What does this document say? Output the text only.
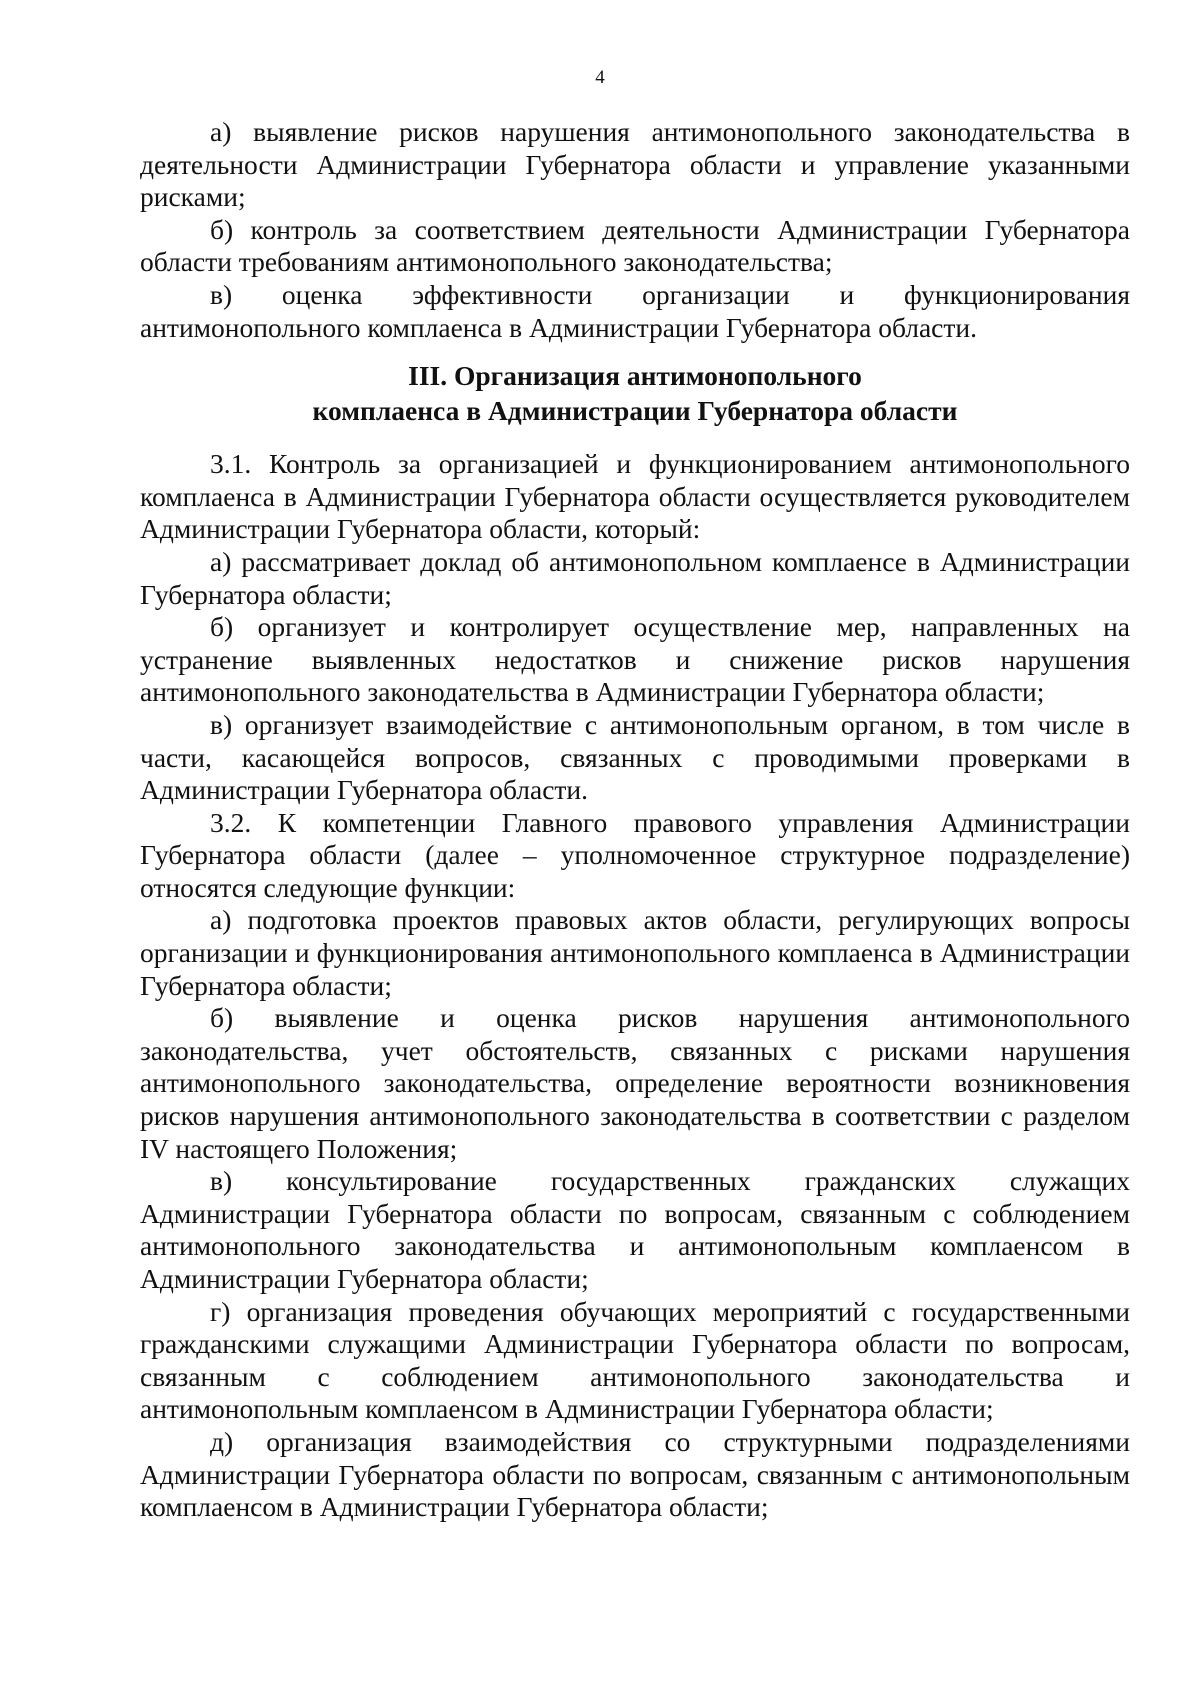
4

а) выявление рисков нарушения антимонопольного законодательства в деятельности Администрации Губернатора области и управление указанными рисками;

б) контроль за соответствием деятельности Администрации Губернатора области требованиям антимонопольного законодательства;

в) оценка эффективности организации и функционирования антимонопольного комплаенса в Администрации Губернатора области.

III. Организация антимонопольного
комплаенса в Администрации Губернатора области

3.1. Контроль за организацией и функционированием антимонопольного комплаенса в Администрации Губернатора области осуществляется руководителем Администрации Губернатора области, который:

а) рассматривает доклад об антимонопольном комплаенсе в Администрации Губернатора области;

б) организует и контролирует осуществление мер, направленных на устранение выявленных недостатков и снижение рисков нарушения антимонопольного законодательства в Администрации Губернатора области;

в) организует взаимодействие с антимонопольным органом, в том числе в части, касающейся вопросов, связанных с проводимыми проверками в Администрации Губернатора области.

3.2. К компетенции Главного правового управления Администрации Губернатора области (далее – уполномоченное структурное подразделение) относятся следующие функции:

а) подготовка проектов правовых актов области, регулирующих вопросы организации и функционирования антимонопольного комплаенса в Администрации Губернатора области;

б) выявление и оценка рисков нарушения антимонопольного законодательства, учет обстоятельств, связанных с рисками нарушения антимонопольного законодательства, определение вероятности возникновения рисков нарушения антимонопольного законодательства в соответствии с разделом IV настоящего Положения;

в) консультирование государственных гражданских служащих Администрации Губернатора области по вопросам, связанным с соблюдением антимонопольного законодательства и антимонопольным комплаенсом в Администрации Губернатора области;

г) организация проведения обучающих мероприятий с государственными гражданскими служащими Администрации Губернатора области по вопросам, связанным с соблюдением антимонопольного законодательства и антимонопольным комплаенсом в Администрации Губернатора области;

д) организация взаимодействия со структурными подразделениями Администрации Губернатора области по вопросам, связанным с антимонопольным комплаенсом в Администрации Губернатора области;
